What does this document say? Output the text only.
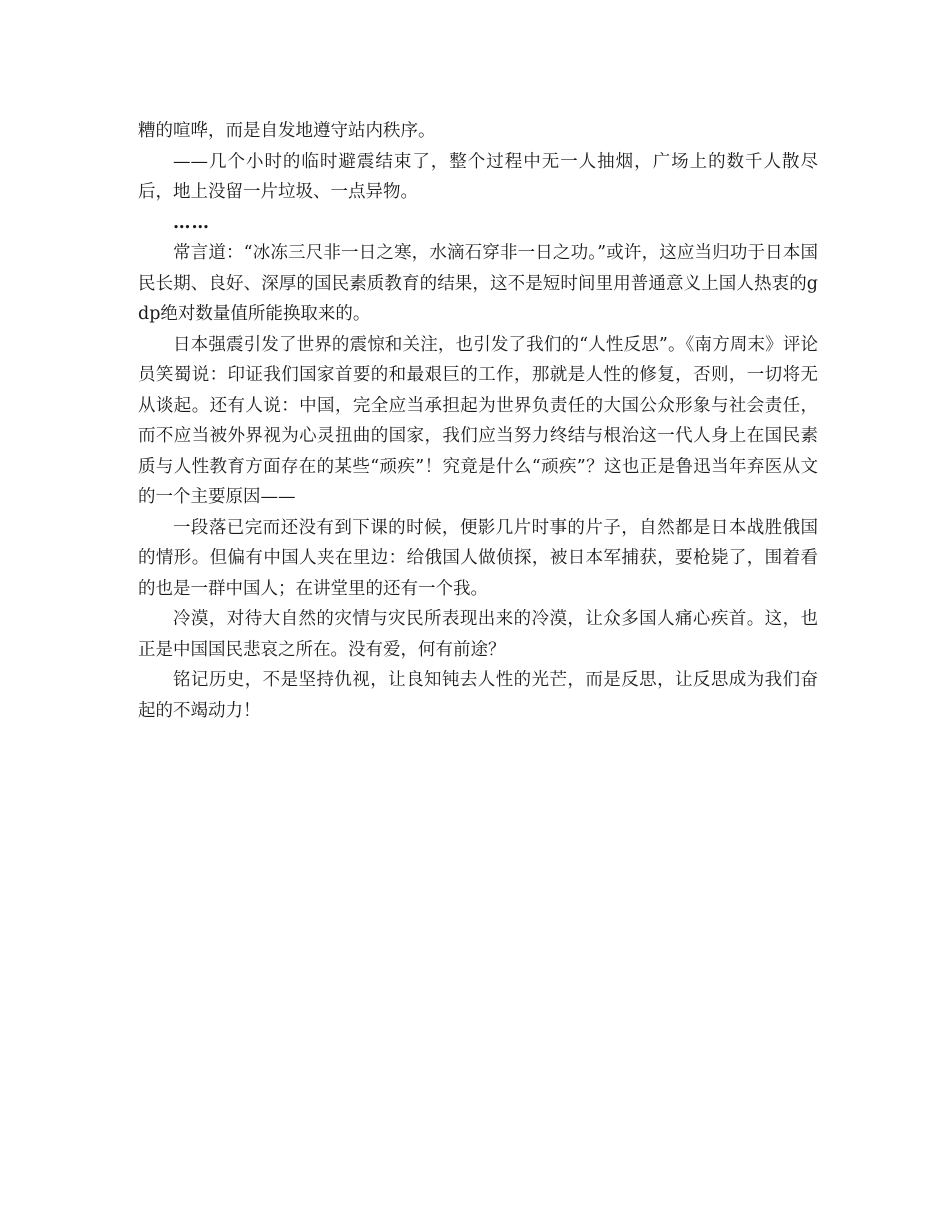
糟的喧哗，而是自发地遵守站内秩序。

——几个小时的临时避震结束了，整个过程中无一人抽烟，广场上的数千人散尽后，地上没留一片垃圾、一点异物。

……

常言道：“冰冻三尺非一日之寒，水滴石穿非一日之功。”或许，这应当归功于日本国民长期、良好、深厚的国民素质教育的结果，这不是短时间里用普通意义上国人热衷的gdp绝对数量值所能换取来的。

日本强震引发了世界的震惊和关注，也引发了我们的“人性反思”。《南方周末》评论员笑蜀说：印证我们国家首要的和最艰巨的工作，那就是人性的修复，否则，一切将无从谈起。还有人说：中国，完全应当承担起为世界负责任的大国公众形象与社会责任，而不应当被外界视为心灵扭曲的国家，我们应当努力终结与根治这一代人身上在国民素质与人性教育方面存在的某些“顽疾”！究竟是什么“顽疾”？这也正是鲁迅当年弃医从文的一个主要原因——

一段落已完而还没有到下课的时候，便影几片时事的片子，自然都是日本战胜俄国的情形。但偏有中国人夹在里边：给俄国人做侦探，被日本军捕获，要枪毙了，围着看的也是一群中国人；在讲堂里的还有一个我。

冷漠，对待大自然的灾情与灾民所表现出来的冷漠，让众多国人痛心疾首。这，也正是中国国民悲哀之所在。没有爱，何有前途？

铭记历史，不是坚持仇视，让良知钝去人性的光芒，而是反思，让反思成为我们奋起的不竭动力！
